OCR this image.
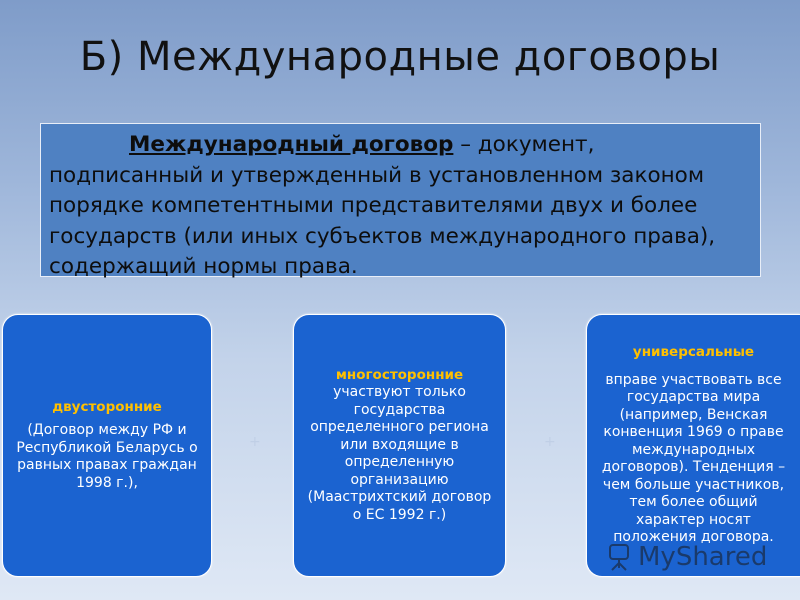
Б) Международные договоры
Международный договор – документ, подписанный и утвержденный в установленном законом порядке компетентными представителями двух и более государств (или иных субъектов международного права), содержащий нормы права.
двусторонние
(Договор между РФ и Республикой Беларусь о равных правах граждан 1998 г.),
+
многосторонние
участвуют только государства определенного региона или входящие в определенную организацию (Маастрихтский договор о ЕС 1992 г.)
+
универсальные
вправе участвовать все государства мира (например, Венская конвенция 1969 о праве международных договоров). Тенденция – чем больше участников, тем более общий характер носят положения договора.
MyShared
